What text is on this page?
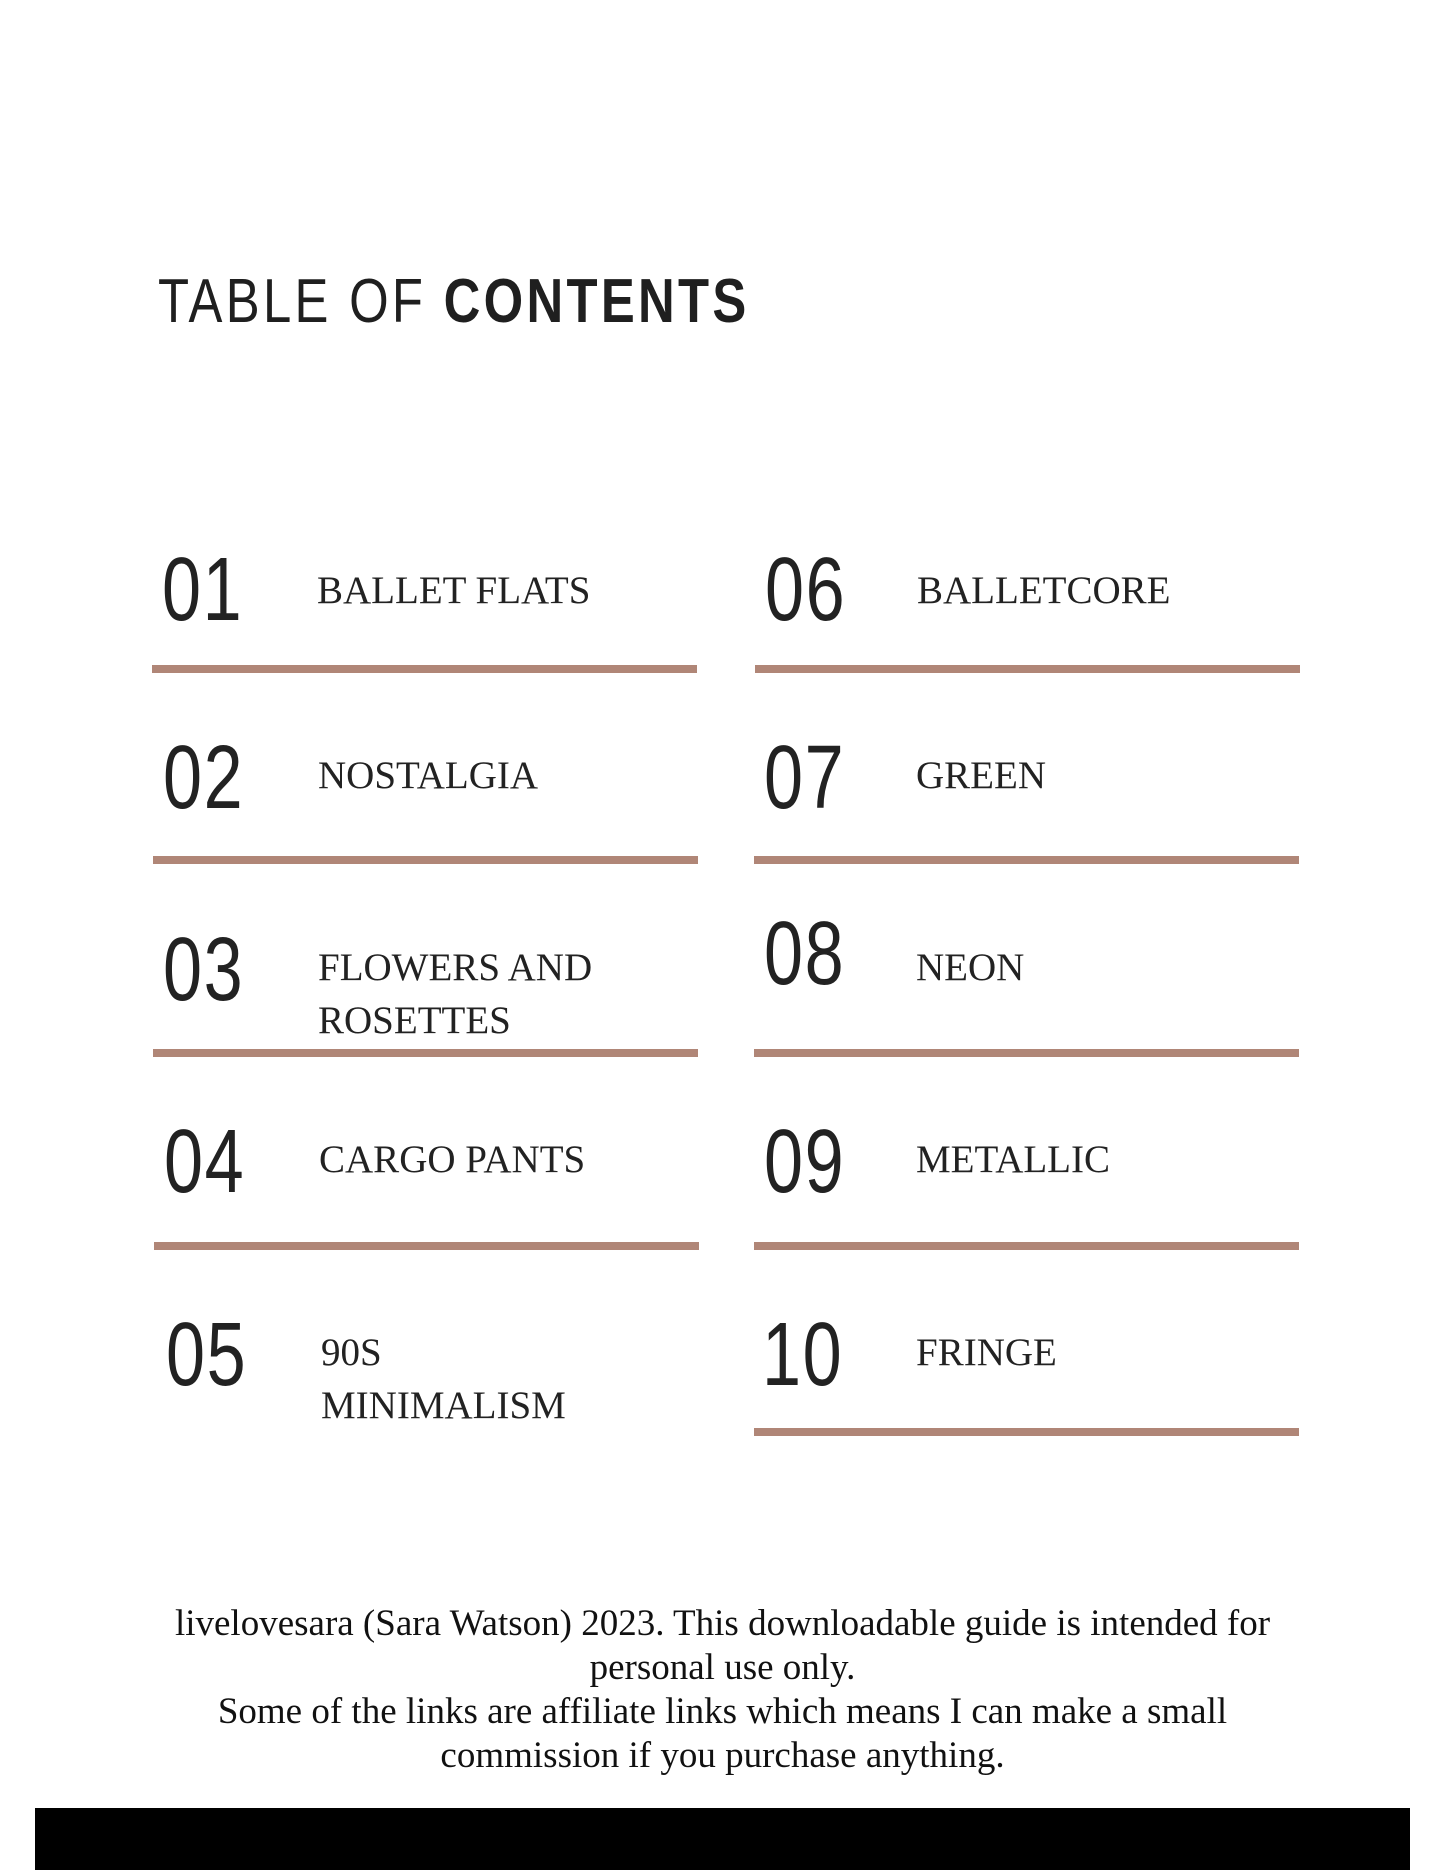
TABLE OF CONTENTS
01 BALLET FLATS
02 NOSTALGIA
03 FLOWERS AND ROSETTES
04 CARGO PANTS
05 90S MINIMALISM
06 BALLETCORE
07 GREEN
08 NEON
09 METALLIC
10 FRINGE

livelovesara (Sara Watson) 2023. This downloadable guide is intended for personal use only.

Some of the links are affiliate links which means I can make a small commission if you purchase anything.
